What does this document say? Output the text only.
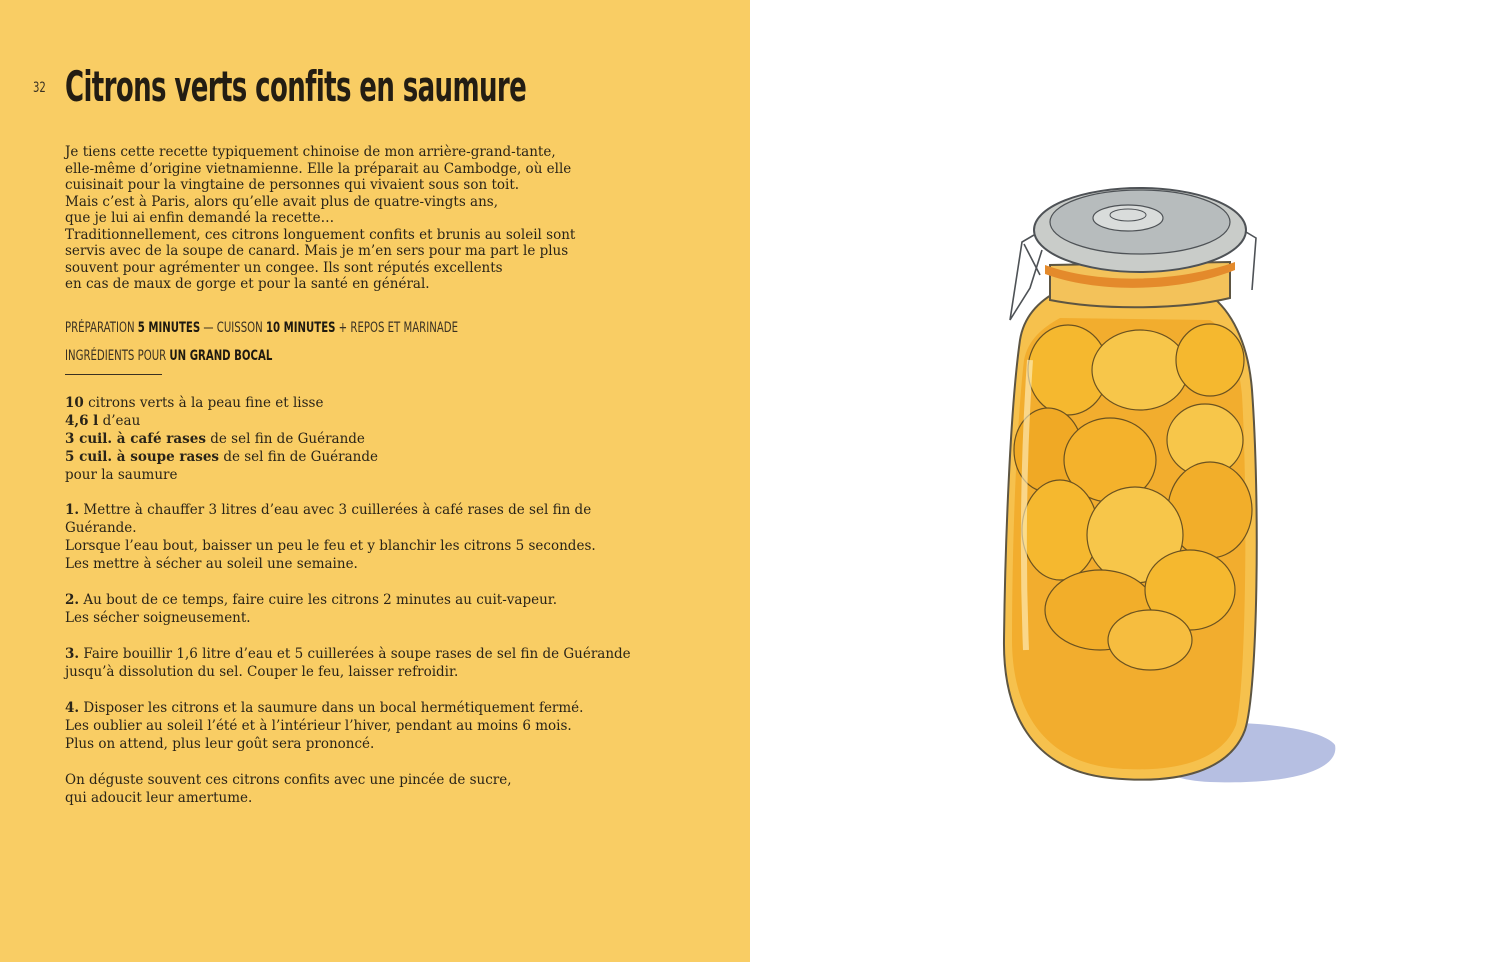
32 Citrons verts confits en saumure
Je tiens cette recette typiquement chinoise de mon arrière-grand-tante,
elle-même d’origine vietnamienne. Elle la préparait au Cambodge, où elle
cuisinait pour la vingtaine de personnes qui vivaient sous son toit.
Mais c’est à Paris, alors qu’elle avait plus de quatre-vingts ans,
que je lui ai enfin demandé la recette…
Traditionnellement, ces citrons longuement confits et brunis au soleil sont
servis avec de la soupe de canard. Mais je m’en sers pour ma part le plus
souvent pour agrémenter un congee. Ils sont réputés excellents
en cas de maux de gorge et pour la santé en général.
PRÉPARATION 5 MINUTES — CUISSON 10 MINUTES + REPOS ET MARINADE
INGRÉDIENTS POUR UN GRAND BOCAL
10 citrons verts à la peau fine et lisse
4,6 l d’eau
3 cuil. à café rases de sel fin de Guérande
5 cuil. à soupe rases de sel fin de Guérande
pour la saumure
1. Mettre à chauffer 3 litres d’eau avec 3 cuillerées à café rases de sel fin de
Guérande.
Lorsque l’eau bout, baisser un peu le feu et y blanchir les citrons 5 secondes.
Les mettre à sécher au soleil une semaine.
2. Au bout de ce temps, faire cuire les citrons 2 minutes au cuit-vapeur.
Les sécher soigneusement.
3. Faire bouillir 1,6 litre d’eau et 5 cuillerées à soupe rases de sel fin de Guérande
jusqu’à dissolution du sel. Couper le feu, laisser refroidir.
4. Disposer les citrons et la saumure dans un bocal hermétiquement fermé.
Les oublier au soleil l’été et à l’intérieur l’hiver, pendant au moins 6 mois.
Plus on attend, plus leur goût sera prononcé.
On déguste souvent ces citrons confits avec une pincée de sucre,
qui adoucit leur amertume.
